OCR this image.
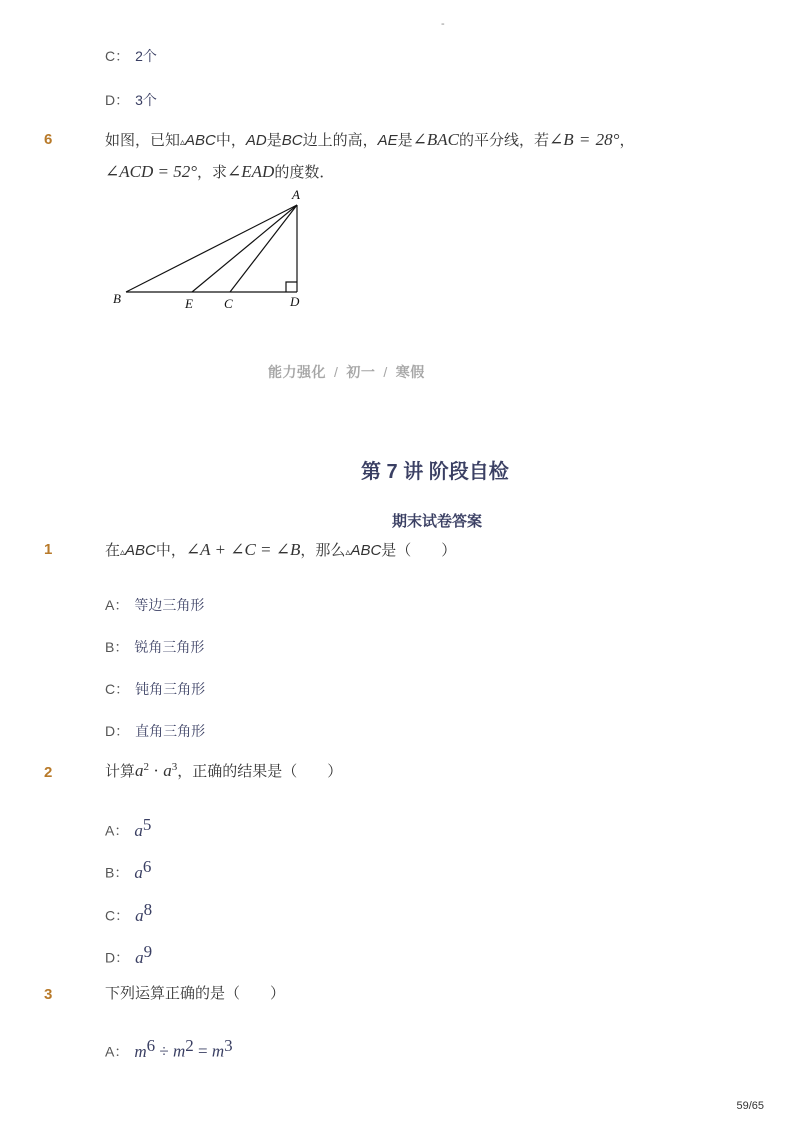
-
C： 2个
D： 3个
6	如图，已知▵ABC中，AD是BC边上的高，AE是∠BAC的平分线，若∠B = 28°，
∠ACD = 52°，求∠EAD的度数．
A
B	E C	D
能力强化 / 初一 / 寒假
第 7 讲 阶段自检
期末试卷答案
1	在▵ABC中，∠A + ∠C = ∠B，那么▵ABC是（　　）
A： 等边三角形
B： 锐角三角形
C： 钝角三角形
D： 直角三角形
2	计算$a^2 \cdot a^3$，正确的结果是（　　）
A： $a^5$
B： $a^6$
C： $a^8$
D： $a^9$
3	下列运算正确的是（　　）
A： $m^6 \div m^2 = m^3$
59/65
